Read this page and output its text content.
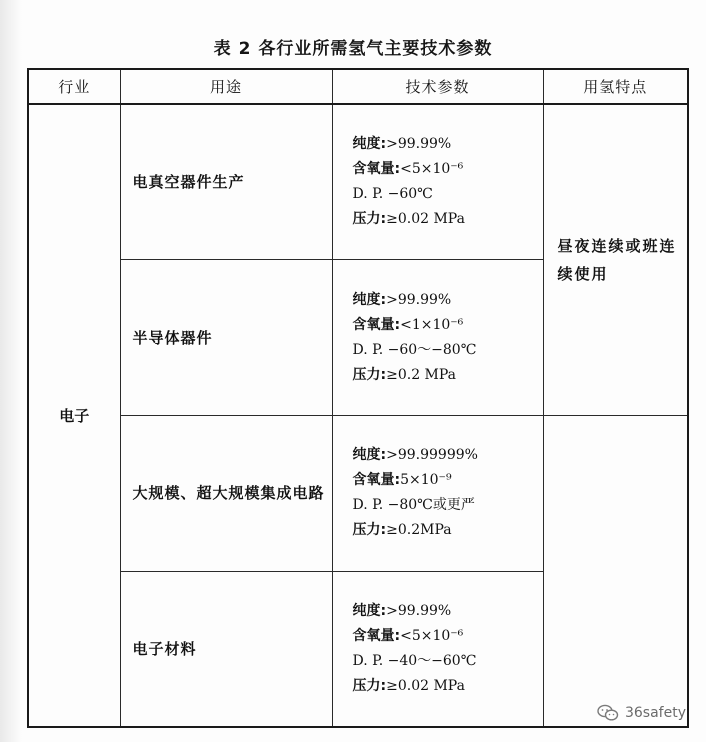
表 2 各行业所需氢气主要技术参数
行业	用途	技术参数	用氢特点
电子	电真空器件生产	纯度:>99.99%
含氧量:<5×10⁻⁶
D. P. −60℃
压力:≥0.02 MPa	昼夜连续或班连续使用
	半导体器件	纯度:>99.99%
含氧量:<1×10⁻⁶
D. P. −60～−80℃
压力:≥0.2 MPa	

	大规模、超大规模集成电路	纯度:>99.99999%
含氧量:5×10⁻⁹
D. P. −80℃或更严
压力:≥0.2MPa	

	电子材料	纯度:>99.99%
含氧量:<5×10⁻⁶
D. P. −40～−60℃
压力:≥0.02 MPa	
36safety
